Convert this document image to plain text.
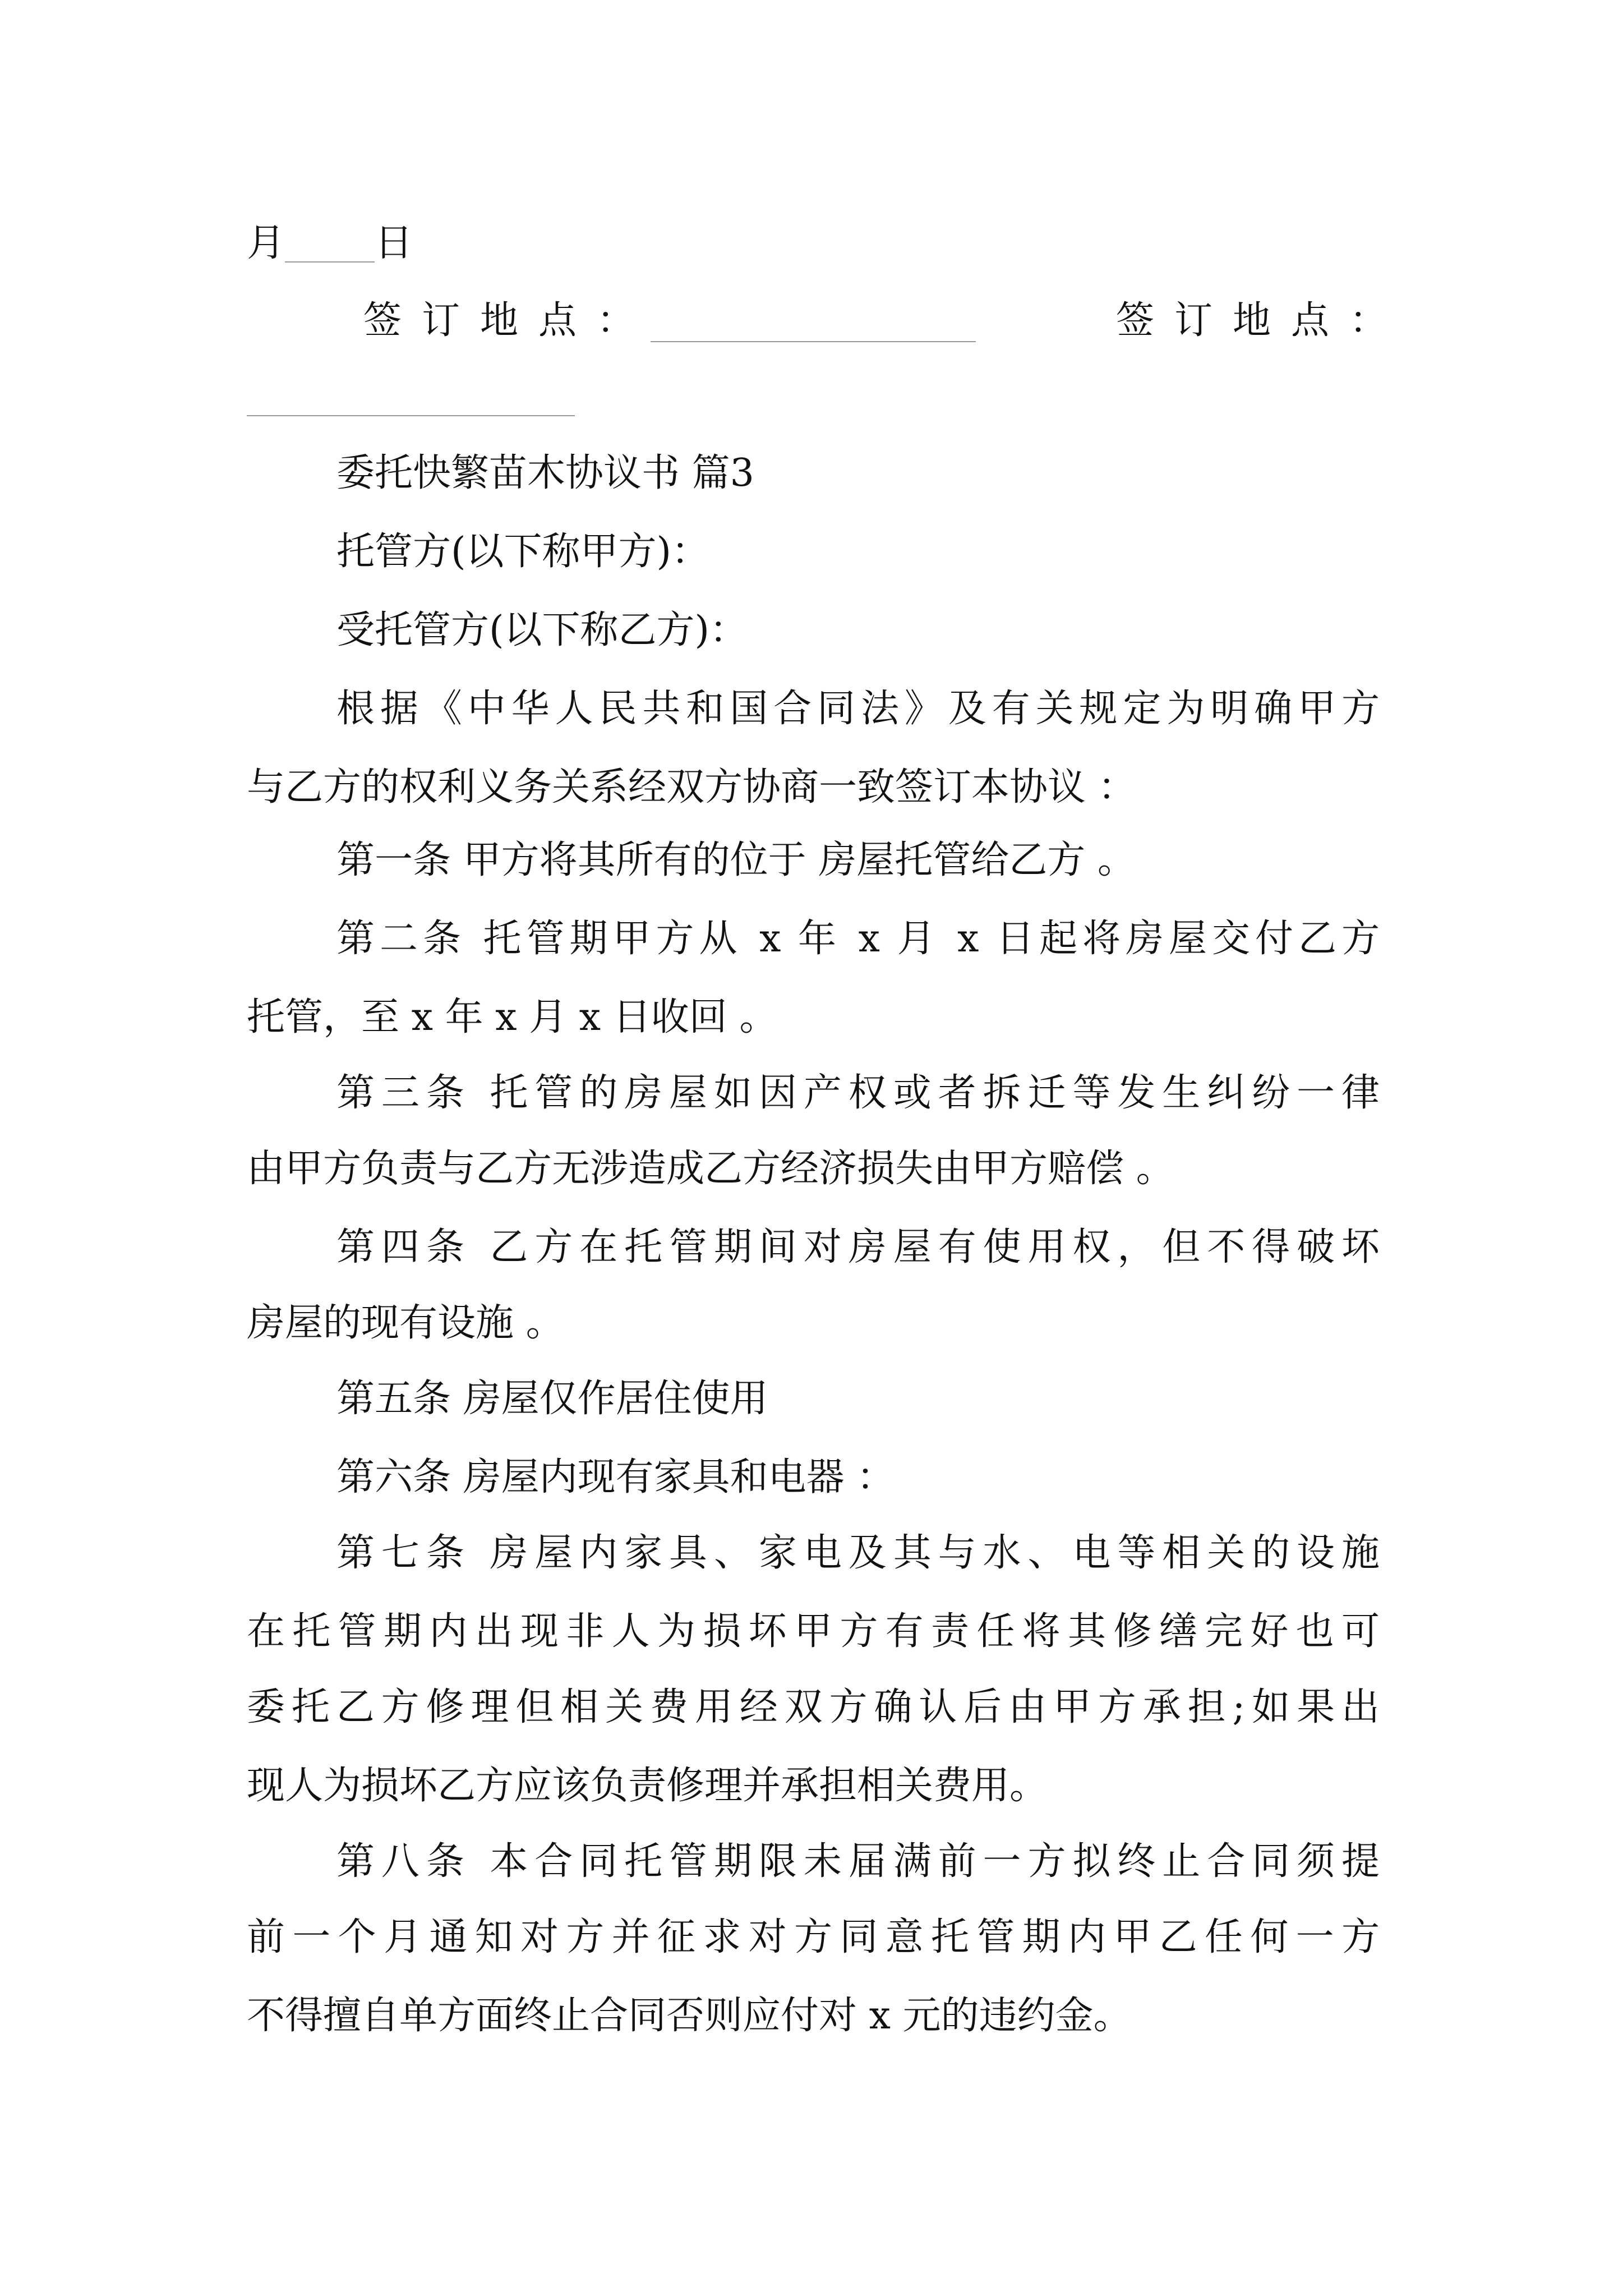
月 日
签订地点：	签订地点：
委托快繁苗木协议书 篇3
托管方(以下称甲方)：
受托管方(以下称乙方)：
根据《中华人民共和国合同法》及有关规定为明确甲方
与乙方的权利义务关系经双方协商一致签订本协议 ：
第一条 甲方将其所有的位于 房屋托管给乙方 。
第二条 托管期甲方从 x 年 x 月 x 日起将房屋交付乙方
托管，至 x 年 x 月 x 日收回 。
第三条 托管的房屋如因产权或者拆迁等发生纠纷一律
由甲方负责与乙方无涉造成乙方经济损失由甲方赔偿 。
第四条 乙方在托管期间对房屋有使用权，但不得破坏
房屋的现有设施 。
第五条 房屋仅作居住使用
第六条 房屋内现有家具和电器 ：
第七条 房屋内家具、家电及其与水、电等相关的设施
在托管期内出现非人为损坏甲方有责任将其修缮完好也可
委托乙方修理但相关费用经双方确认后由甲方承担;如果出
现人为损坏乙方应该负责修理并承担相关费用。
第八条 本合同托管期限未届满前一方拟终止合同须提
前一个月通知对方并征求对方同意托管期内甲乙任何一方
不得擅自单方面终止合同否则应付对 x 元的违约金。
